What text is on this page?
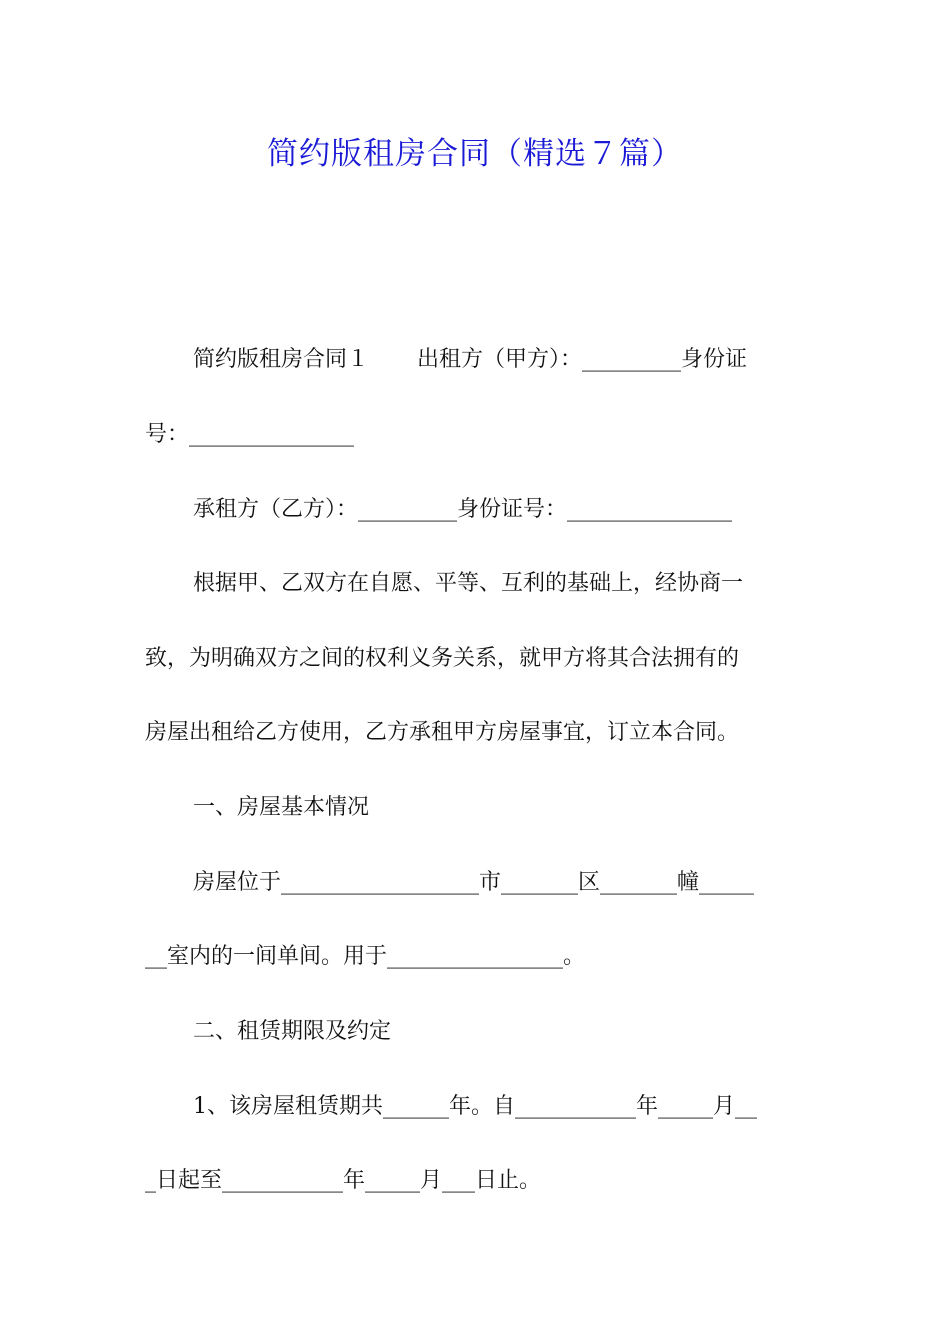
简约版租房合同（精选７篇）
简约版租房合同１ 出租方（甲方）：_________身份证
号：_______________
承租方（乙方）：_________身份证号：_______________
根据甲、乙双方在自愿、平等、互利的基础上，经协商一
致，为明确双方之间的权利义务关系，就甲方将其合法拥有的
房屋出租给乙方使用，乙方承租甲方房屋事宜，订立本合同。
一、房屋基本情况
房屋位于__________________市_______区_______幢_____
__室内的一间单间。用于________________。
二、租赁期限及约定
1、该房屋租赁期共______年。自___________年_____月__
_日起至___________年_____月___日止。
